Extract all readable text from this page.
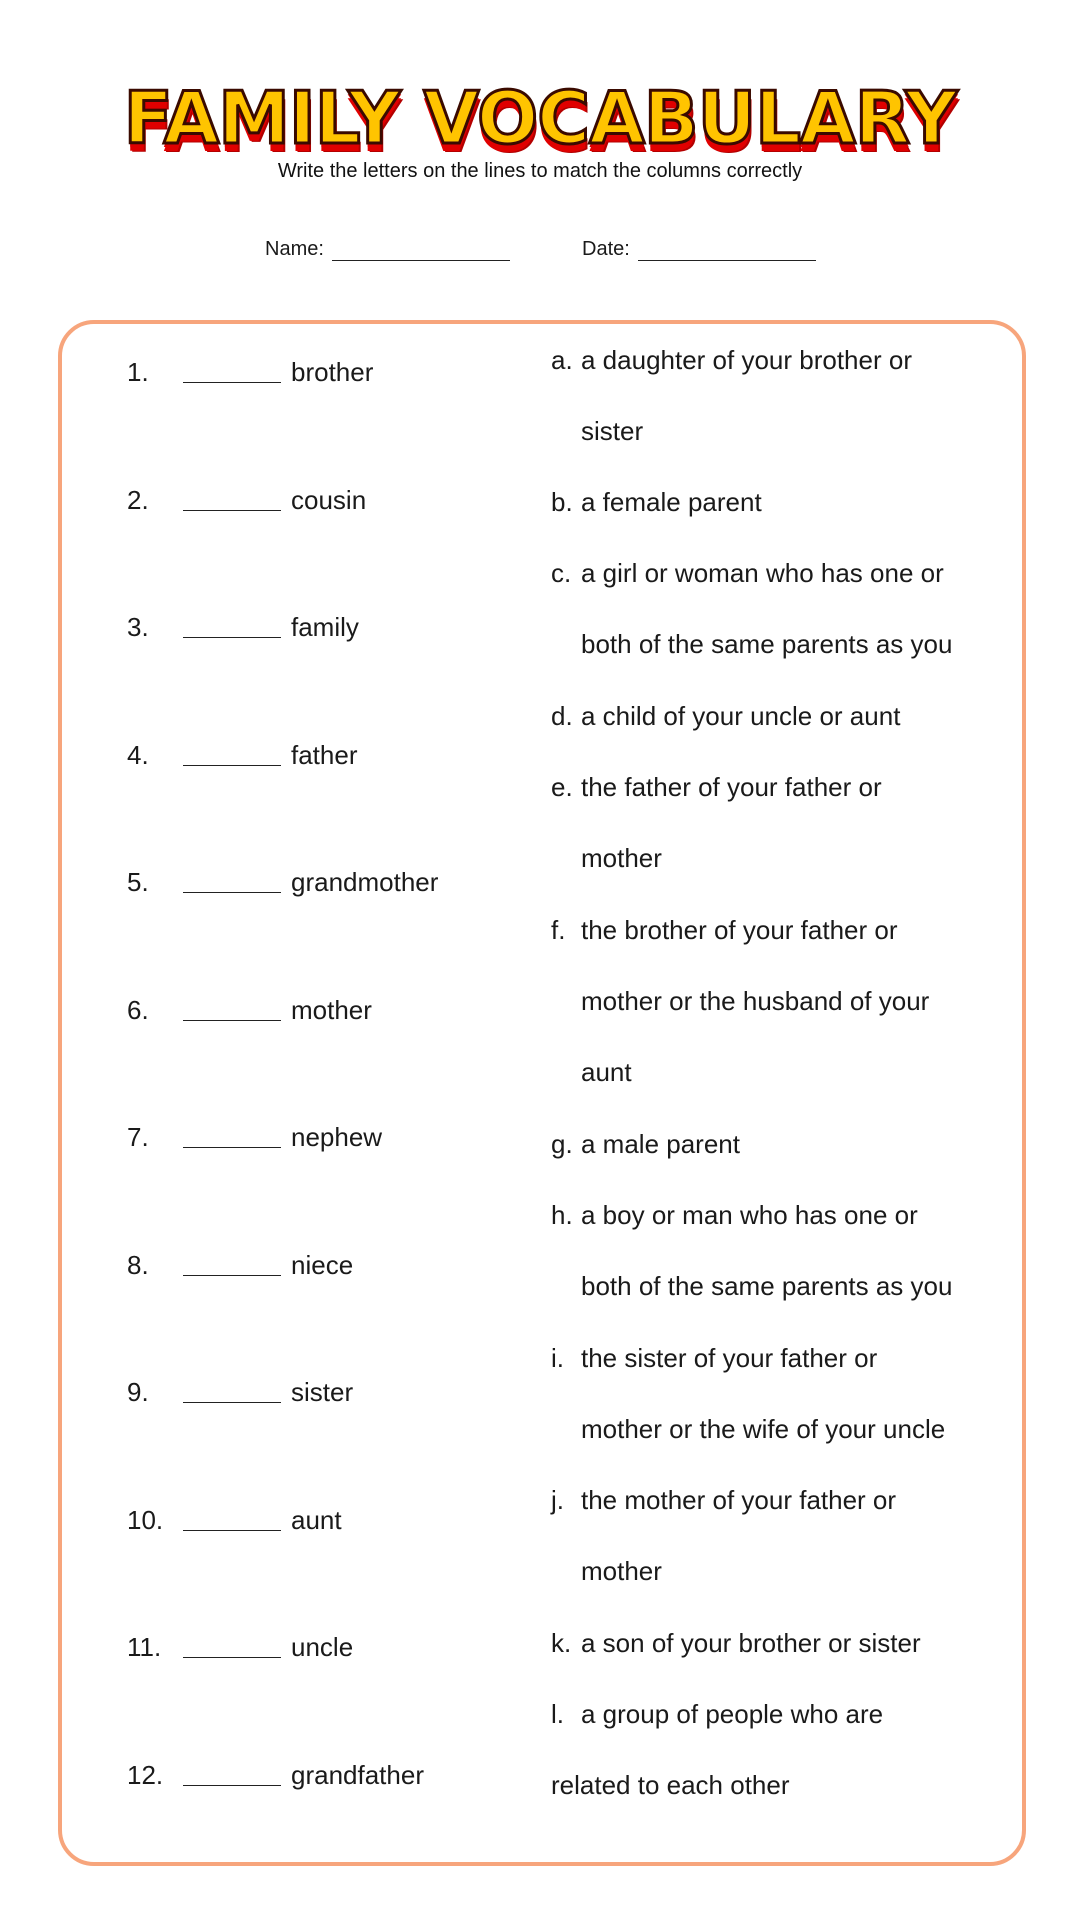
FAMILY VOCABULARY
Write the letters on the lines to match the columns correctly
Name:	Date:
1.	brother
2.	cousin
3.	family
4.	father
5.	grandmother
6.	mother
7.	nephew
8.	niece
9.	sister
10.	aunt
11.	uncle
12.	grandfather
a. a daughter of your brother or
sister
b. a female parent
c. a girl or woman who has one or
both of the same parents as you
d. a child of your uncle or aunt
e. the father of your father or
mother
f. the brother of your father or
mother or the husband of your
aunt
g. a male parent
h. a boy or man who has one or
both of the same parents as you
i. the sister of your father or
mother or the wife of your uncle
j. the mother of your father or
mother
k. a son of your brother or sister
l. a group of people who are
related to each other
